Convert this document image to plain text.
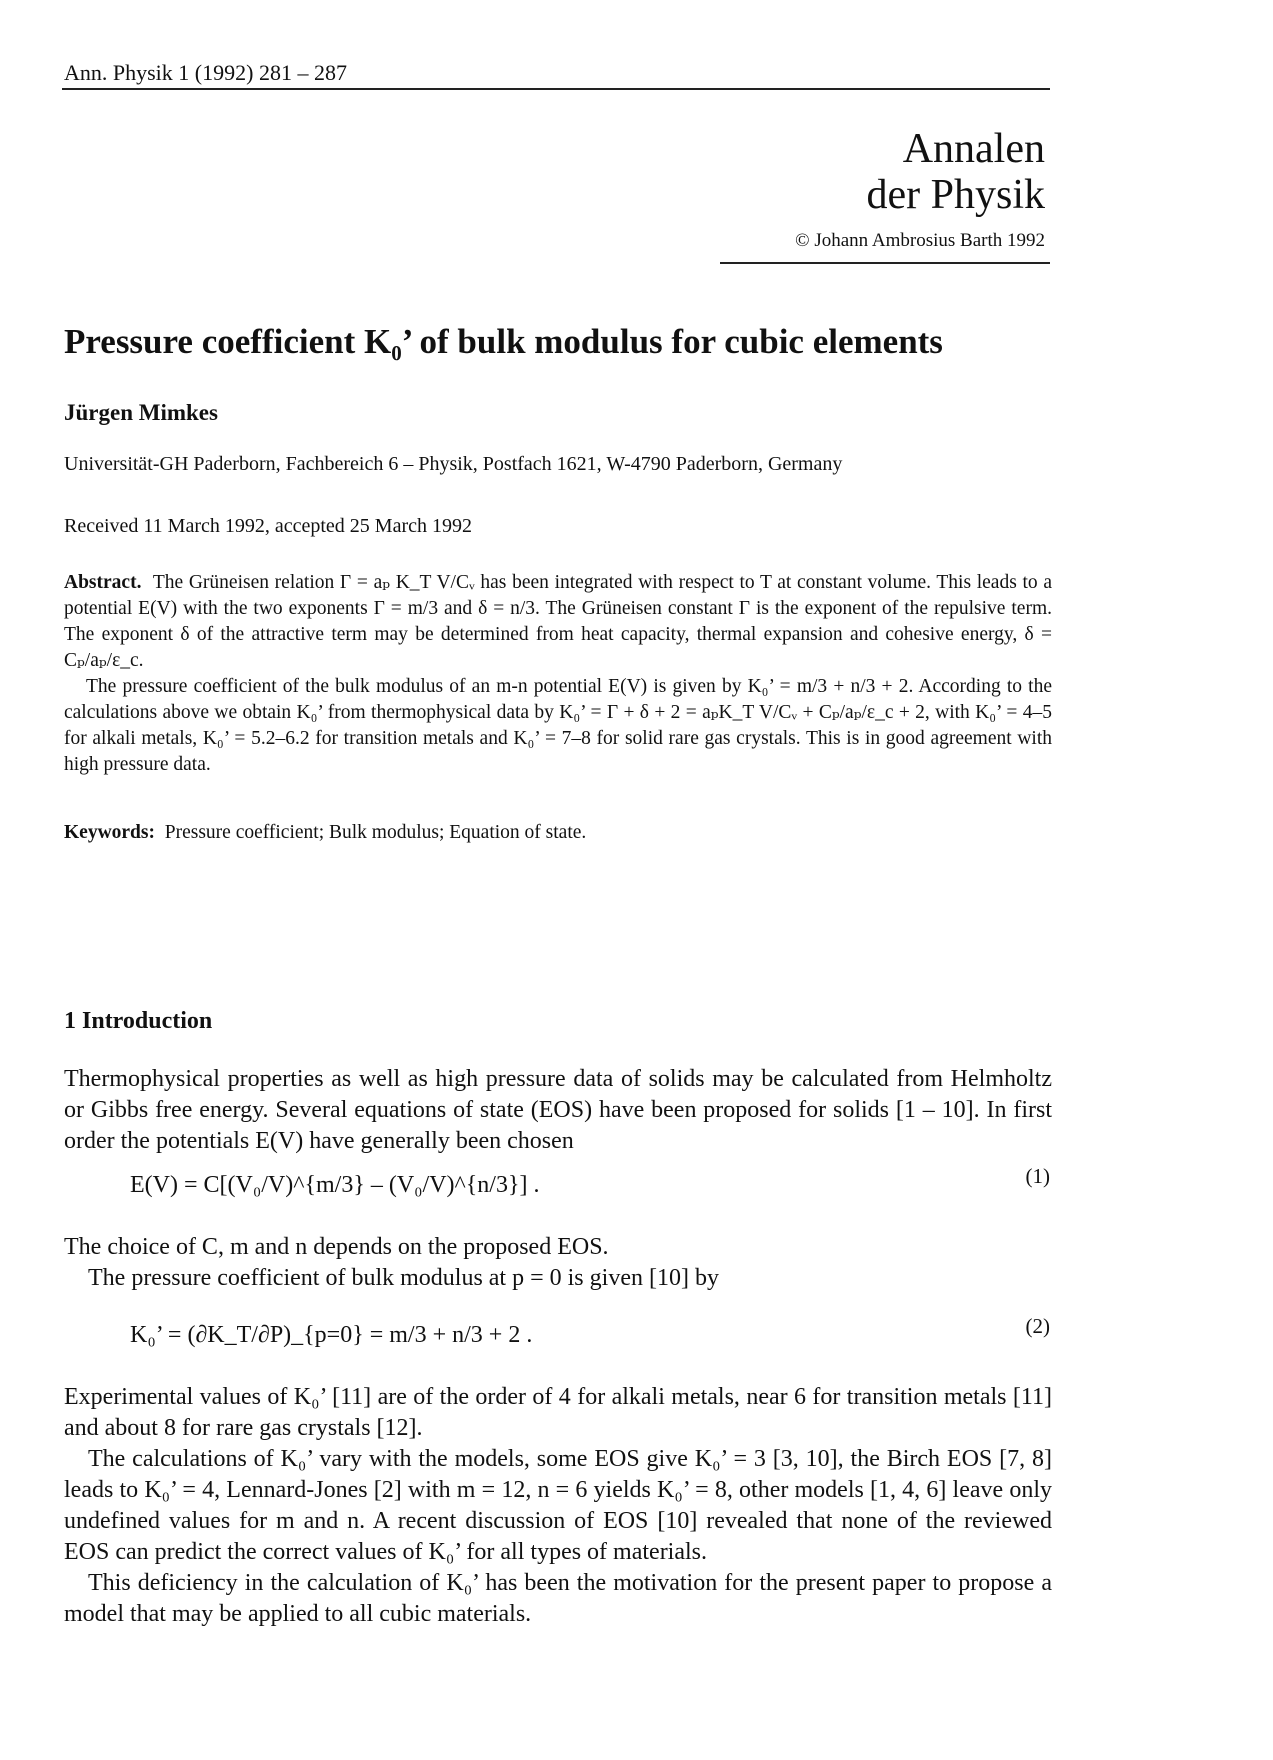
Ann. Physik 1 (1992) 281 – 287
Annalen
der Physik
© Johann Ambrosius Barth 1992
Pressure coefficient K₀’ of bulk modulus for cubic elements
Jürgen Mimkes
Universität-GH Paderborn, Fachbereich 6 – Physik, Postfach 1621, W-4790 Paderborn, Germany
Received 11 March 1992, accepted 25 March 1992

Abstract. The Grüneisen relation Γ = aₚ K_T V/Cᵥ has been integrated with respect to T at constant volume. This leads to a potential E(V) with the two exponents Γ = m/3 and δ = n/3. The Grüneisen constant Γ is the exponent of the repulsive term. The exponent δ of the attractive term may be determined from heat capacity, thermal expansion and cohesive energy, δ = Cₚ/aₚ/ε_c.

The pressure coefficient of the bulk modulus of an m-n potential E(V) is given by K₀’ = m/3 + n/3 + 2. According to the calculations above we obtain K₀’ from thermophysical data by K₀’ = Γ + δ + 2 = aₚK_T V/Cᵥ + Cₚ/aₚ/ε_c + 2, with K₀’ = 4–5 for alkali metals, K₀’ = 5.2–6.2 for transition metals and K₀’ = 7–8 for solid rare gas crystals. This is in good agreement with high pressure data.

Keywords: Pressure coefficient; Bulk modulus; Equation of state.
1 Introduction

Thermophysical properties as well as high pressure data of solids may be calculated from Helmholtz or Gibbs free energy. Several equations of state (EOS) have been proposed for solids [1 – 10]. In first order the potentials E(V) have generally been chosen

E(V) = C[(V₀/V)^{m/3} – (V₀/V)^{n/3}] .	(1)

The choice of C, m and n depends on the proposed EOS.

The pressure coefficient of bulk modulus at p = 0 is given [10] by

K₀’ = (∂K_T/∂P)_{p=0} = m/3 + n/3 + 2 .	(2)

Experimental values of K₀’ [11] are of the order of 4 for alkali metals, near 6 for transition metals [11] and about 8 for rare gas crystals [12].

The calculations of K₀’ vary with the models, some EOS give K₀’ = 3 [3, 10], the Birch EOS [7, 8] leads to K₀’ = 4, Lennard-Jones [2] with m = 12, n = 6 yields K₀’ = 8, other models [1, 4, 6] leave only undefined values for m and n. A recent discussion of EOS [10] revealed that none of the reviewed EOS can predict the correct values of K₀’ for all types of materials.

This deficiency in the calculation of K₀’ has been the motivation for the present paper to propose a model that may be applied to all cubic materials.
